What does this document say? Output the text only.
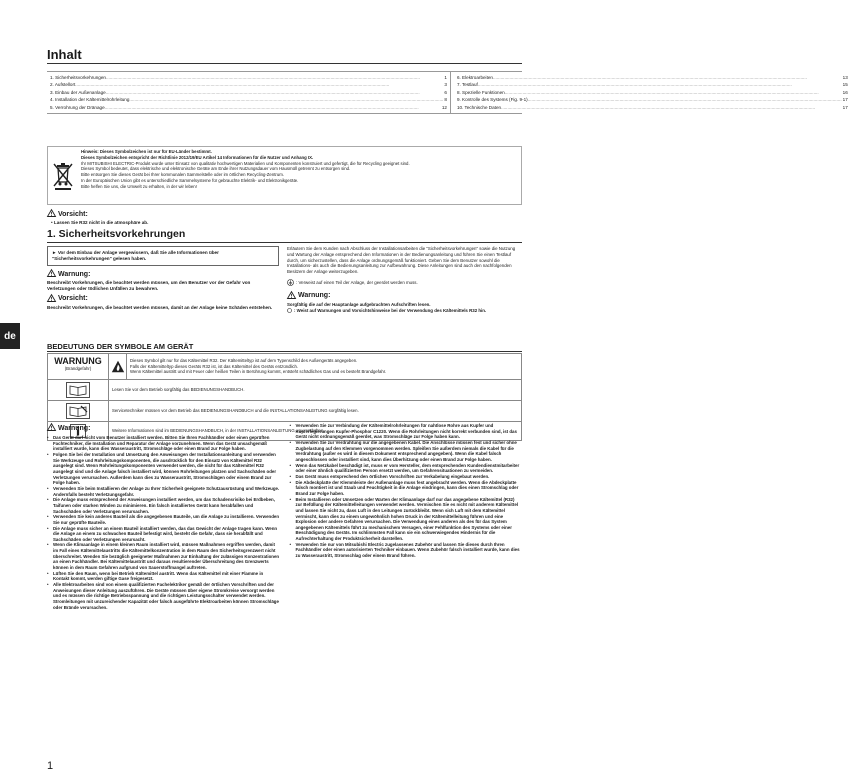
Inhalt
1. Sicherheitsvorkehrungen .....	1
2. Aufstellort .....	3
3. Einbau der Außenanlage .....	6
4. Installation der Kältemittelrohrleitung .....	8
5. Verrohrung der Dränage .....	12
6. Elektroarbeiten .....	13
7. Testlauf .....	15
8. Spezielle Funktionen .....	16
9. Kontrolle des Systems (Fig. 9-1) .....	17
10. Technische Daten .....	17
Hinweis: Dieses Symbolzeichen ist nur für EU-Länder bestimmt.
Dieses Symbolzeichen entspricht der Richtlinie 2012/19/EU Artikel 14 Informationen für die Nutzer und Anhang IX.
Ihr MITSUBISHI ELECTRIC-Produkt wurde unter Einsatz von qualitativ hochwertigen Materialien und Komponenten konstruiert und gefertigt, die für Recycling geeignet sind.
Dieses Symbol bedeutet, dass elektrische und elektronische Geräte am Ende ihrer Nutzungsdauer vom Hausmüll getrennt zu entsorgen sind.
Bitte entsorgen Sie dieses Gerät bei Ihrer kommunalen Sammelstelle oder im örtlichen Recycling-Zentrum.
In der Europäischen Union gibt es unterschiedliche Sammelsysteme für gebrauchte Elektrik- und Elektronikgeräte.
Bitte helfen Sie uns, die Umwelt zu erhalten, in der wir leben!
Vorsicht:
• Lassen Sie R32 nicht in die atmosphäre ab.
1. Sicherheitsvorkehrungen
► Vor dem Einbau der Anlage vergewissern, daß Sie alle Informationen über "Sicherheitsvorkehrungen" gelesen haben.
Warnung:
Beschreibt Vorkehrungen, die beachtet werden müssen, um den Benutzer vor der Gefahr von Verletzungen oder tödlichen Unfällen zu bewahren.
Vorsicht:
Beschreibt Vorkehrungen, die beachtet werden müssen, damit an der Anlage keine Schäden entstehen.
Erläutern Sie dem Kunden nach Abschluss der Installationsarbeiten die "Sicherheitsvorkehrungen" sowie die Nutzung und Wartung der Anlage entsprechend den Informationen in der Bedienungsanleitung und führen Sie einen Testlauf durch, um sicherzustellen, dass die Anlage ordnungsgemäß funktioniert. Geben Sie dem Benutzer sowohl die Installations- als auch die Bedienungsanleitung zur Aufbewahrung. Diese Anleitungen sind auch den nachfolgenden Besitzern der Anlage weiterzugeben.
: Verweist auf einen Teil der Anlage, der geerdet werden muss.
Warnung:
Sorgfältig die auf der Hauptanlage aufgebrachten Aufschriften lesen.
: Weist auf Warnungen und Vorsichtshinweise bei der Verwendung des Kältemittels R32 hin.
de
BEDEUTUNG DER SYMBOLE AM GERÄT
WARNUNG
(Brandgefahr)
Dieses Symbol gilt nur für das Kältemittel R32. Der Kältemitteltyp ist auf dem Typenschild des Außengeräts angegeben.
Falls der Kältemitteltyp dieses Geräts R32 ist, ist das Kältemittel des Geräts entzündlich.
Wenn Kältemittel austritt und mit Feuer oder heißen Teilen in Berührung kommt, entsteht schädliches Gas und es besteht Brandgefahr.
Lesen Sie vor dem Betrieb sorgfältig das BEDIENUNGSHANDBUCH.
Servicetechniker müssen vor dem Betrieb das BEDIENUNGSHANDBUCH und die INSTALLATIONSANLEITUNG sorgfältig lesen.
Weitere Informationen sind im BEDIENUNGSHANDBUCH, in der INSTALLATIONSANLEITUNG usw. enthalten.
Warnung:
•	Das Gerät darf nicht vom Benutzer installiert werden. Bitten Sie Ihren Fachhändler oder einen geprüften Fachtechniker, die Installation und Reparatur der Anlage vorzunehmen. Wenn das Gerät unsachgemäß installiert wurde, kann dies Wasseraustritt, Stromschläge oder einen Brand zur Folge haben.
•	Folgen Sie bei der Installation und Umsetzung den Anweisungen der Installationsanleitung und verwenden Sie Werkzeuge und Rohrleitungskomponenten, die ausdrücklich für den Einsatz von Kältemittel R32 ausgelegt sind. Wenn Rohrleitungskomponenten verwendet werden, die nicht für das Kältemittel R32 ausgelegt sind und die Anlage falsch installiert wird, können Rohrleitungen platzen und Sachschäden oder Verletzungen verursachen. Außerdem kann dies zu Wasseraustritt, Stromschlägen oder einem Brand zur Folge haben.
•	Verwenden Sie beim Installieren der Anlage zu Ihrer Sicherheit geeignete Schutzausrüstung und Werkzeuge. Andernfalls besteht Verletzungsgefahr.
•	Die Anlage muss entsprechend der Anweisungen installiert werden, um das Schadensrisiko bei Erdbeben, Taifunen oder starken Winden zu minimieren. Ein falsch installiertes Gerät kann herabfallen und Sachschäden oder Verletzungen verursachen.
•	Verwenden Sie kein anderes Bauteil als die angegebenen Bauteile, um die Anlage zu installieren. Verwenden Sie nur geprüfte Bauteile.
•	Die Anlage muss sicher an einem Bauteil installiert werden, das das Gewicht der Anlage tragen kann. Wenn die Anlage an einem zu schwachen Bauteil befestigt wird, besteht die Gefahr, dass sie herabfällt und Sachschäden oder Verletzungen verursacht.
•	Wenn die Klimaanlage in einem kleinen Raum installiert wird, müssen Maßnahmen ergriffen werden, damit im Fall eines Kältemittelaustritts die Kältemittelkonzentration in dem Raum den Sicherheitsgrenzwert nicht überschreitet. Wenden Sie bezüglich geeigneter Maßnahmen zur Einhaltung der zulässigen Konzentrationen an einen Fachhändler. Bei Kältemittelaustritt und daraus resultierender Überschreitung des Grenzwerts können in dem Raum Gefahren aufgrund von Sauerstoffmangel auftreten.
•	Lüften Sie den Raum, wenn bei Betrieb Kältemittel austritt. Wenn das Kältemittel mit einer Flamme in Kontakt kommt, werden giftige Gase freigesetzt.
•	Alle Elektroarbeiten sind von einem qualifizierten Fachelektriker gemäß der örtlichen Vorschriften und der Anweisungen dieser Anleitung auszuführen. Die Geräte müssen über eigene Stromkreise versorgt werden und es müssen die richtige Betriebsspannung und die richtigen Leistungsschalter verwendet werden. Stromleitungen mit unzureichender Kapazität oder falsch ausgeführte Elektroarbeiten können Stromschläge oder Brände verursachen.
•	Verwenden Sie zur Verbindung der Kältemittelrohrleitungen für nahtlose Rohre aus Kupfer und Kupferlegierungen Kupfer-Phosphor C1220. Wenn die Rohrleitungen nicht korrekt verbunden sind, ist das Gerät nicht ordnungsgemäß geerdet, was Stromschläge zur Folge haben kann.
•	Verwenden Sie zur Verdrahtung nur die angegebenen Kabel. Die Anschlüsse müssen fest und sicher ohne Zugbelastung auf den Klemmen vorgenommen werden. Spleißen Sie außerdem niemals die Kabel für die Verdrahtung (außer es wird in diesem Dokument entsprechend angegeben). Wenn die Kabel falsch angeschlossen oder installiert sind, kann dies Überhitzung oder einen Brand zur Folge haben.
•	Wenn das Netzkabel beschädigt ist, muss er vom Hersteller, dem entsprechenden Kundendienstmitarbeiter oder einer ähnlich qualifizierten Person ersetzt werden, um Gefahrensituationen zu vermeiden.
•	Das Gerät muss entsprechend den örtlichen Vorschriften zur Verkabelung eingebaut werden.
•	Die Abdeckplatte der Klemmleiste der Außenanlage muss fest angebracht werden. Wenn die Abdeckplatte falsch montiert ist und Staub und Feuchtigkeit in die Anlage eindringen, kann dies einen Stromschlag oder Brand zur Folge haben.
•	Beim Installieren oder Umsetzen oder Warten der Klimaanlage darf nur das angegebene Kältemittel (R32) zur Befüllung der Kältemittelleitungen verwendet werden. Vermischen Sie es nicht mit anderem Kältemittel und lassen Sie nicht zu, dass Luft in den Leitungen zurückbleibt. Wenn sich Luft mit dem Kältemittel vermischt, kann dies zu einem ungewöhnlich hohen Druck in der Kältemittelleitung führen und eine Explosion oder andere Gefahren verursachen. Die Verwendung eines anderen als des für das System angegebenen Kältemittels führt zu mechanischem Versagen, einer Fehlfunktion des Systems oder einer Beschädigung des Geräts. Im schlimmsten Fall kann sie ein schwerwiegendes Hindernis für die Aufrechterhaltung der Produktsicherheit darstellen.
•	Verwenden Sie nur von Mitsubishi Electric zugelassenes Zubehör und lassen Sie dieses durch Ihren Fachhändler oder einen autorisierten Techniker einbauen. Wenn Zubehör falsch installiert wurde, kann dies zu Wasseraustritt, Stromschlag oder einem Brand führen.
1
